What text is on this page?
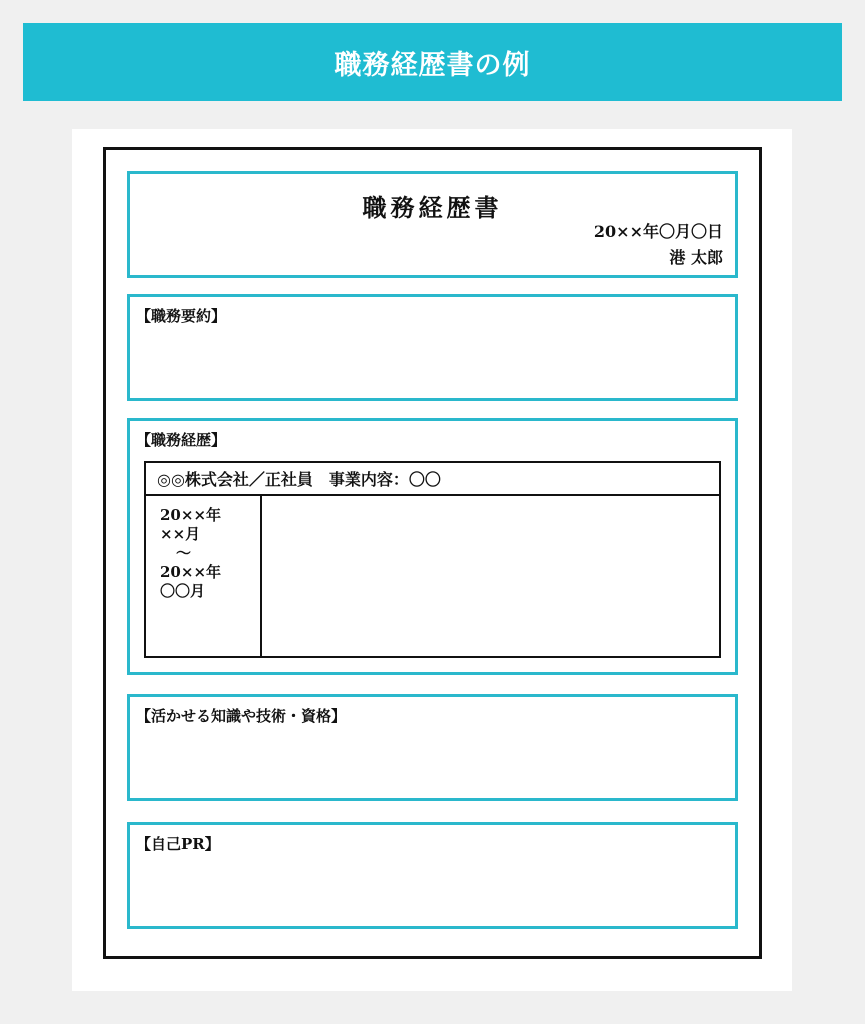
職務経歴書の例
職務経歴書
20××年〇月〇日
港 太郎
【職務要約】
【職務経歴】
◎◎株式会社／正社員　事業内容：〇〇
20××年
××月
〜
20××年
〇〇月
【活かせる知識や技術・資格】
【自己PR】
